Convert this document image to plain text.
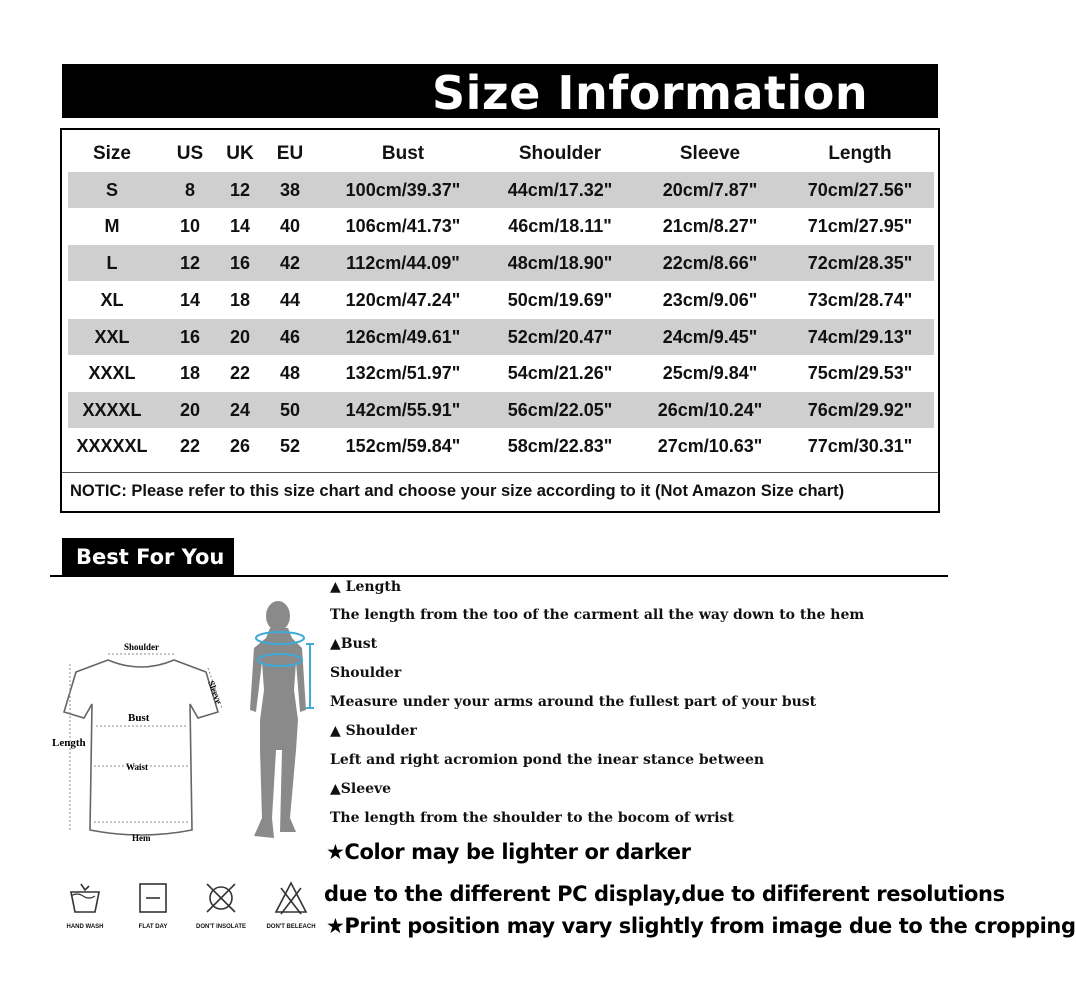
Size Information
Size	US	UK	EU	Bust	Shoulder	Sleeve	Length
S	8	12	38	100cm/39.37"	44cm/17.32"	20cm/7.87"	70cm/27.56"
M	10	14	40	106cm/41.73"	46cm/18.11"	21cm/8.27"	71cm/27.95"
L	12	16	42	112cm/44.09"	48cm/18.90"	22cm/8.66"	72cm/28.35"
XL	14	18	44	120cm/47.24"	50cm/19.69"	23cm/9.06"	73cm/28.74"
XXL	16	20	46	126cm/49.61"	52cm/20.47"	24cm/9.45"	74cm/29.13"
XXXL	18	22	48	132cm/51.97"	54cm/21.26"	25cm/9.84"	75cm/29.53"
XXXXL	20	24	50	142cm/55.91"	56cm/22.05"	26cm/10.24"	76cm/29.92"
XXXXXL	22	26	52	152cm/59.84"	58cm/22.83"	27cm/10.63"	77cm/30.31"
NOTIC: Please refer to this size chart and choose your size according to it (Not Amazon Size chart)
Best For You
Shoulder
Sleeve
Bust
Length
Waist
Hem
▲ Length
The length from the too of the carment all the way down to the hem
▲Bust
Shoulder
Measure under your arms around the fullest part of your bust
▲ Shoulder
Left and right acromion pond the inear stance between
▲Sleeve
The length from the shoulder to the bocom of wrist
★Color may be lighter or darker
due to the different PC display,due to dififerent resolutions
★Print position may vary slightly from image due to the cropping
HAND WASH	FLAT DAY	DON'T INSOLATE	DON'T BELEACH
